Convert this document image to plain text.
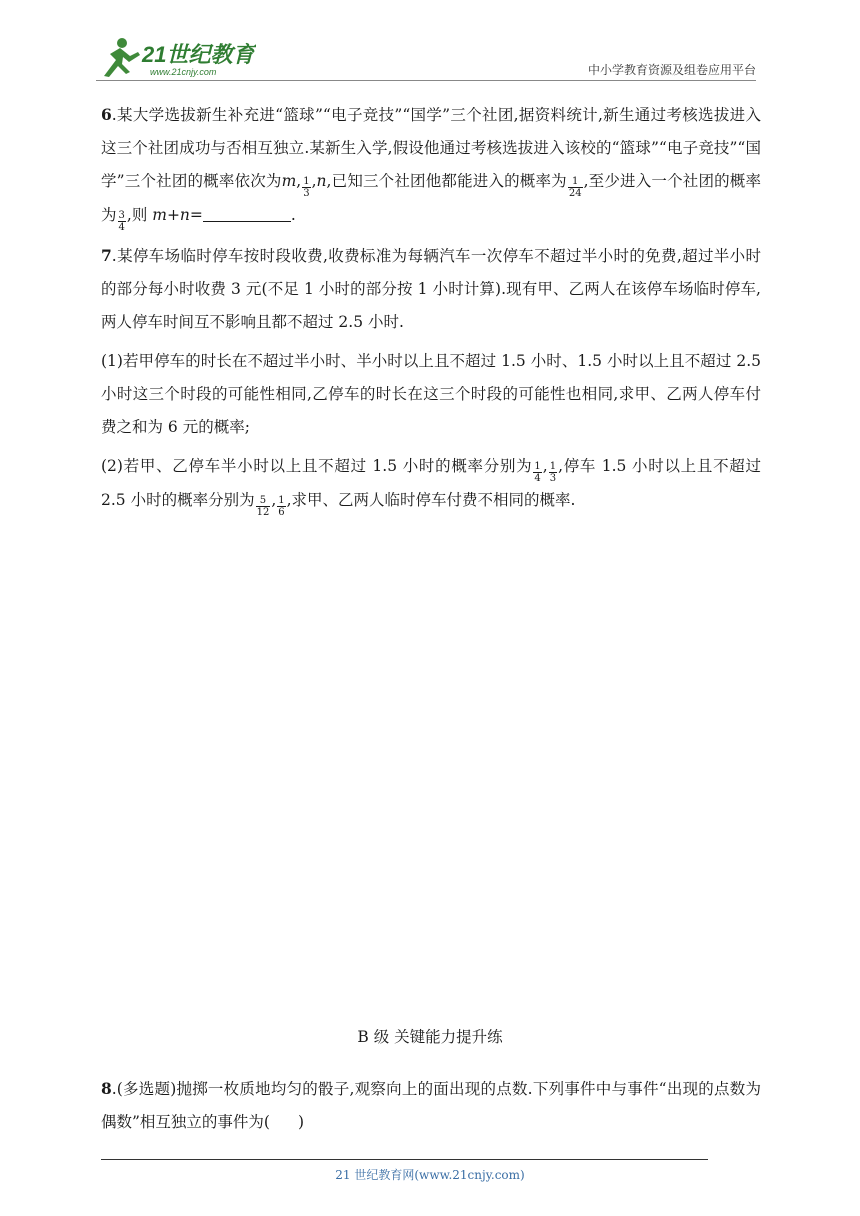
21世纪教育
www.21cnjy.com	中小学教育资源及组卷应用平台

6.某大学选拔新生补充进“篮球”“电子竞技”“国学”三个社团,据资料统计,新生通过考核选拔进入这三个社团成功与否相互独立.某新生入学,假设他通过考核选拔进入该校的“篮球”“电子竞技”“国学”三个社团的概率依次为m, $\frac{1}{3} ,n$,已知三个社团他都能进入的概率为 $\frac{1}{24}$ ,至少进入一个社团的概率为 $\frac{3}{4}$ ,则 m+n=	.

7.某停车场临时停车按时段收费,收费标准为每辆汽车一次停车不超过半小时的免费,超过半小时的部分每小时收费 3 元(不足 1 小时的部分按 1 小时计算).现有甲、乙两人在该停车场临时停车,两人停车时间互不影响且都不超过 2.5 小时.

(1)若甲停车的时长在不超过半小时、半小时以上且不超过 1.5 小时、1.5 小时以上且不超过 2.5 小时这三个时段的可能性相同,乙停车的时长在这三个时段的可能性也相同,求甲、乙两人停车付费之和为 6 元的概率;

(2)若甲、乙停车半小时以上且不超过 1.5 小时的概率分别为 $\frac{1}{4}$ , $\frac{1}{3}$ ,停车 1.5 小时以上且不超过 2.5 小时的概率分别为 $\frac{5}{12}$ , $\frac{1}{6}$ ,求甲、乙两人临时停车付费不相同的概率.

B 级 关键能力提升练

8.(多选题)抛掷一枚质地均匀的骰子,观察向上的面出现的点数.下列事件中与事件“出现的点数为偶数”相互独立的事件为( )

21 世纪教育网(www.21cnjy.com)
